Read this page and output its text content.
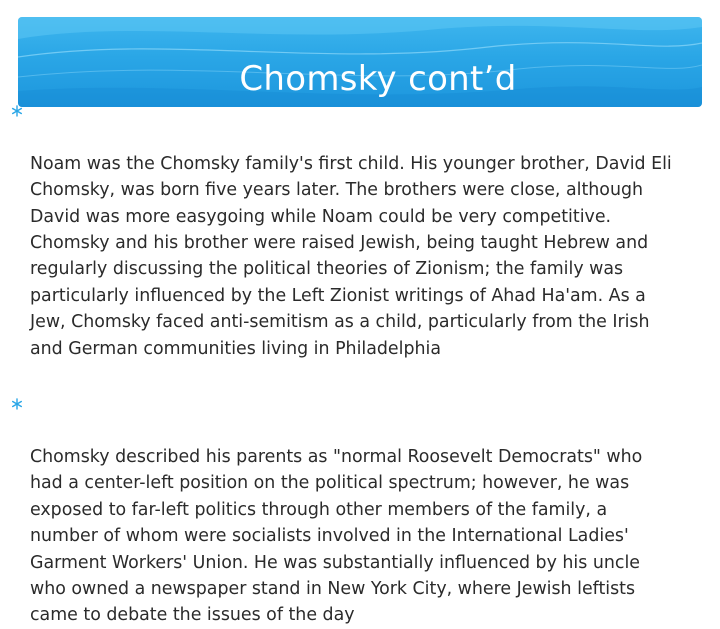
Chomsky cont’d

Noam was the Chomsky family's first child. His younger brother, David Eli
Chomsky, was born five years later. The brothers were close, although
David was more easygoing while Noam could be very competitive.
Chomsky and his brother were raised Jewish, being taught Hebrew and
regularly discussing the political theories of Zionism; the family was
particularly influenced by the Left Zionist writings of Ahad Ha'am. As a
Jew, Chomsky faced anti-semitism as a child, particularly from the Irish
and German communities living in Philadelphia

Chomsky described his parents as "normal Roosevelt Democrats" who
had a center-left position on the political spectrum; however, he was
exposed to far-left politics through other members of the family, a
number of whom were socialists involved in the International Ladies'
Garment Workers' Union. He was substantially influenced by his uncle
who owned a newspaper stand in New York City, where Jewish leftists
came to debate the issues of the day
